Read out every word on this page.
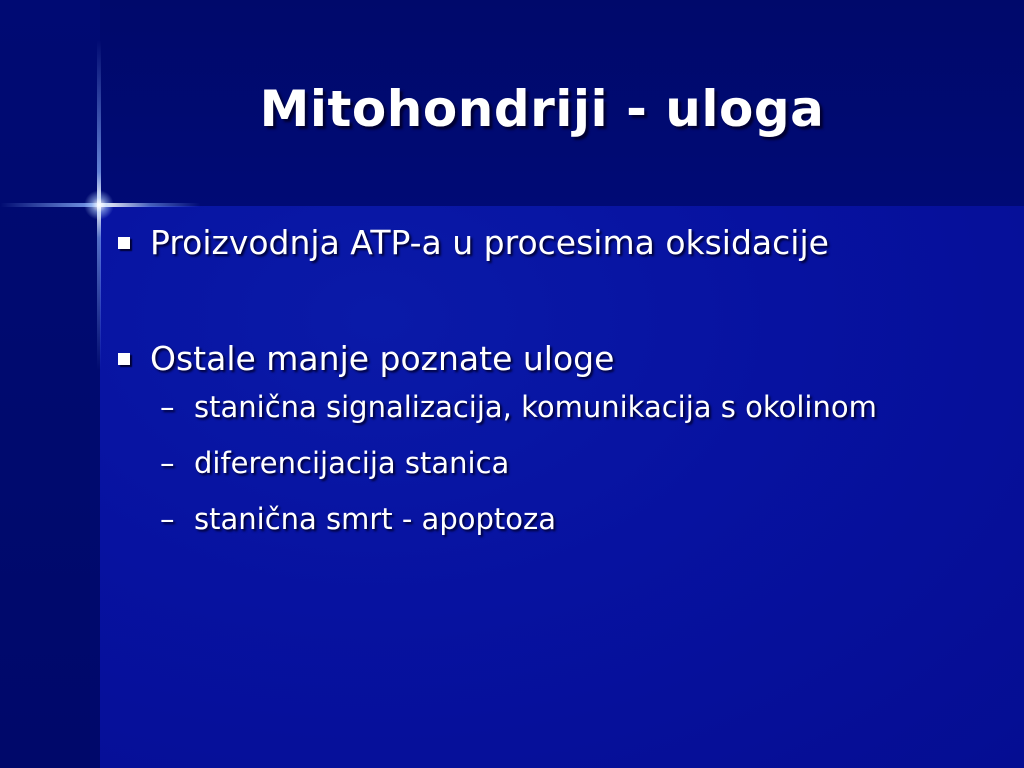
Mitohondriji - uloga
Proizvodnja ATP-a u procesima oksidacije
Ostale manje poznate uloge
– stanična signalizacija, komunikacija s okolinom
– diferencijacija stanica
– stanična smrt - apoptoza
